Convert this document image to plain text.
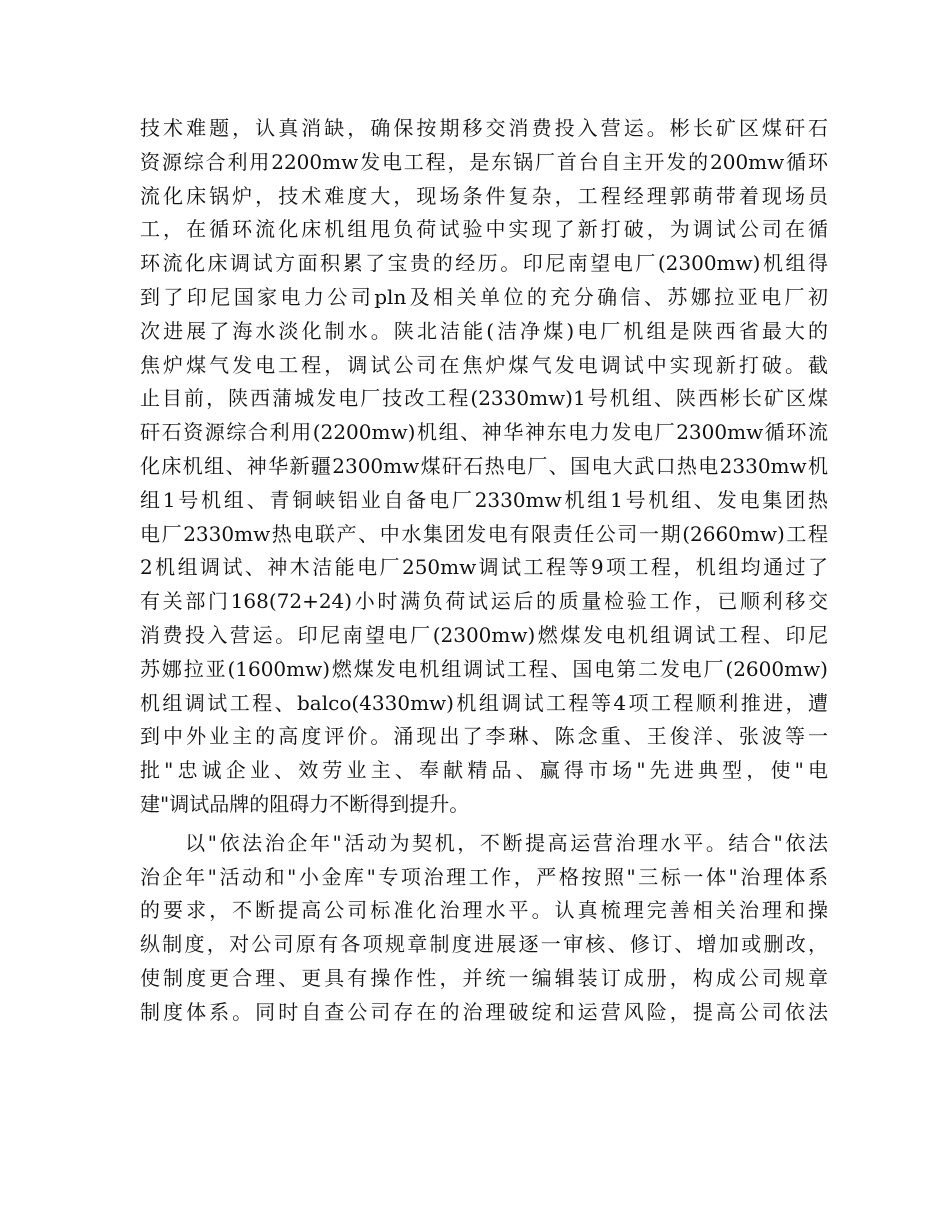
技术难题，认真消缺，确保按期移交消费投入营运。彬长矿区煤矸石
资源综合利用2200mw发电工程，是东锅厂首台自主开发的200mw循环
流化床锅炉，技术难度大，现场条件复杂，工程经理郭萌带着现场员
工，在循环流化床机组甩负荷试验中实现了新打破，为调试公司在循
环流化床调试方面积累了宝贵的经历。印尼南望电厂(2300mw)机组得
到了印尼国家电力公司pln及相关单位的充分确信、苏娜拉亚电厂初
次进展了海水淡化制水。陕北洁能(洁净煤)电厂机组是陕西省最大的
焦炉煤气发电工程，调试公司在焦炉煤气发电调试中实现新打破。截
止目前，陕西蒲城发电厂技改工程(2330mw)1号机组、陕西彬长矿区煤
矸石资源综合利用(2200mw)机组、神华神东电力发电厂2300mw循环流
化床机组、神华新疆2300mw煤矸石热电厂、国电大武口热电2330mw机
组1号机组、青铜峡铝业自备电厂2330mw机组1号机组、发电集团热
电厂2330mw热电联产、中水集团发电有限责任公司一期(2660mw)工程
2机组调试、神木洁能电厂250mw调试工程等9项工程，机组均通过了
有关部门168(72+24)小时满负荷试运后的质量检验工作，已顺利移交
消费投入营运。印尼南望电厂(2300mw)燃煤发电机组调试工程、印尼
苏娜拉亚(1600mw)燃煤发电机组调试工程、国电第二发电厂(2600mw)
机组调试工程、balco(4330mw)机组调试工程等4项工程顺利推进，遭
到中外业主的高度评价。涌现出了李琳、陈念重、王俊洋、张波等一
批"忠诚企业、效劳业主、奉献精品、赢得市场"先进典型，使"电
建"调试品牌的阻碍力不断得到提升。
　　以"依法治企年"活动为契机，不断提高运营治理水平。结合"依法
治企年"活动和"小金库"专项治理工作，严格按照"三标一体"治理体系
的要求，不断提高公司标准化治理水平。认真梳理完善相关治理和操
纵制度，对公司原有各项规章制度进展逐一审核、修订、增加或删改，
使制度更合理、更具有操作性，并统一编辑装订成册，构成公司规章
制度体系。同时自查公司存在的治理破绽和运营风险，提高公司依法
